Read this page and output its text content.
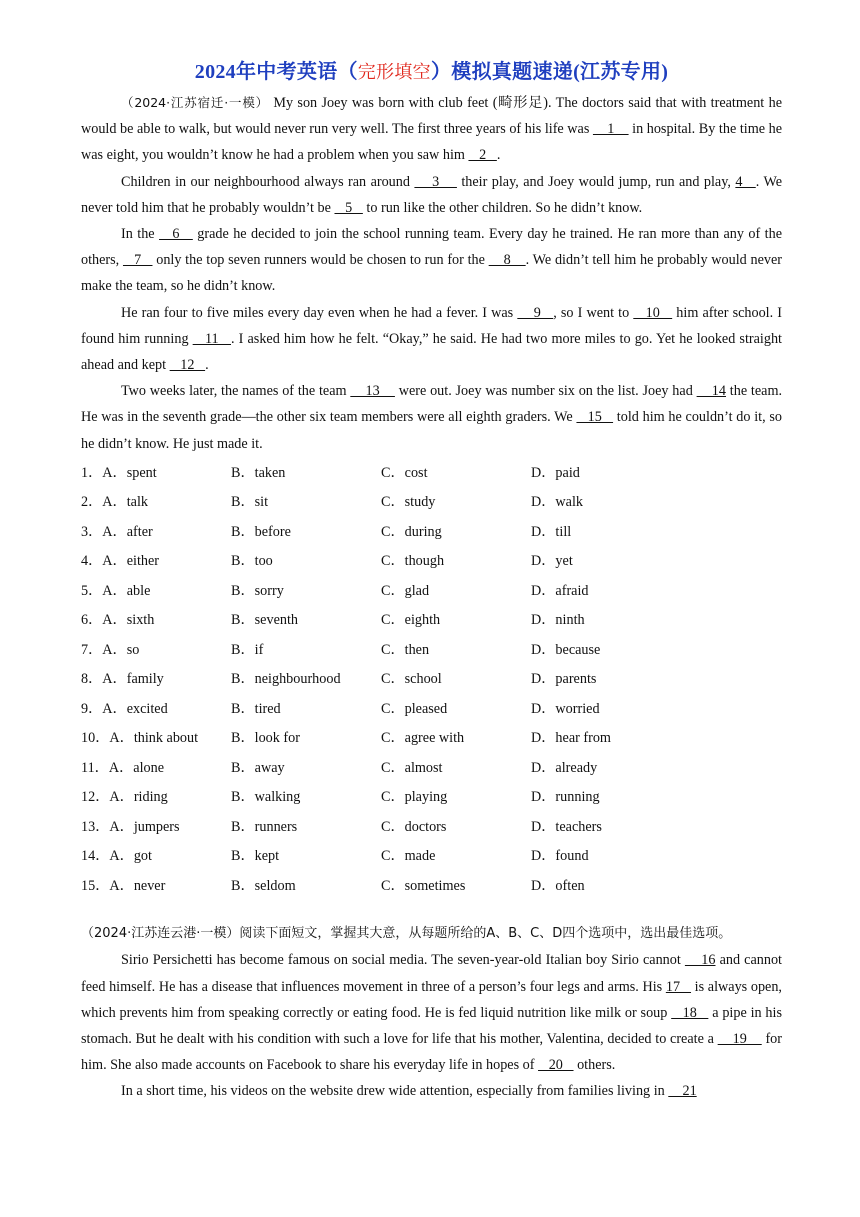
2024年中考英语（完形填空）模拟真题速递(江苏专用)

（2024·江苏宿迁·一模） My son Joey was born with club feet (畸形足). The doctors said that with treatment he would be able to walk, but would never run very well. The first three years of his life was     1     in hospital. By the time he was eight, you wouldn’t know he had a problem when you saw him    2   .

Children in our neighbourhood always ran around     3     their play, and Joey would jump, run and play, 4   . We never told him that he probably wouldn’t be    5    to run like the other children. So he didn’t know.

In the    6    grade he decided to join the school running team. Every day he trained. He ran more than any of the others,    7    only the top seven runners would be chosen to run for the     8    . We didn’t tell him he probably would never make the team, so he didn’t know.

He ran four to five miles every day even when he had a fever. I was     9   , so I went to    10    him after school. I found him running    11   . I asked him how he felt. “Okay,” he said. He had two more miles to go. Yet he looked straight ahead and kept    12   .

Two weeks later, the names of the team     13     were out. Joey was number six on the list. Joey had     14 the team. He was in the seventh grade—the other six team members were all eighth graders. We    15    told him he couldn’t do it, so he didn’t know. He just made it.

1．A．spent	B．taken	C．cost	D．paid
2．A．talk	B．sit	C．study	D．walk
3．A．after	B．before	C．during	D．till
4．A．either	B．too	C．though	D．yet
5．A．able	B．sorry	C．glad	D．afraid
6．A．sixth	B．seventh	C．eighth	D．ninth
7．A．so	B．if	C．then	D．because
8．A．family	B．neighbourhood	C．school	D．parents
9．A．excited	B．tired	C．pleased	D．worried
10．A．think about	B．look for	C．agree with	D．hear from
11．A．alone	B．away	C．almost	D．already
12．A．riding	B．walking	C．playing	D．running
13．A．jumpers	B．runners	C．doctors	D．teachers
14．A．got	B．kept	C．made	D．found
15．A．never	B．seldom	C．sometimes	D．often

（2024·江苏连云港·一模）阅读下面短文，掌握其大意，从每题所给的A、B、C、D四个选项中，选出最佳选项。

Sirio Persichetti has become famous on social media. The seven-year-old Italian boy Sirio cannot     16 and cannot feed himself. He has a disease that influences movement in three of a person’s four legs and arms. His 17    is always open, which prevents him from speaking correctly or eating food. He is fed liquid nutrition like milk or soup    18    a pipe in his stomach. But he dealt with his condition with such a love for life that his mother, Valentina, decided to create a     19     for him. She also made accounts on Facebook to share his everyday life in hopes of    20    others.

In a short time, his videos on the website drew wide attention, especially from families living in     21
